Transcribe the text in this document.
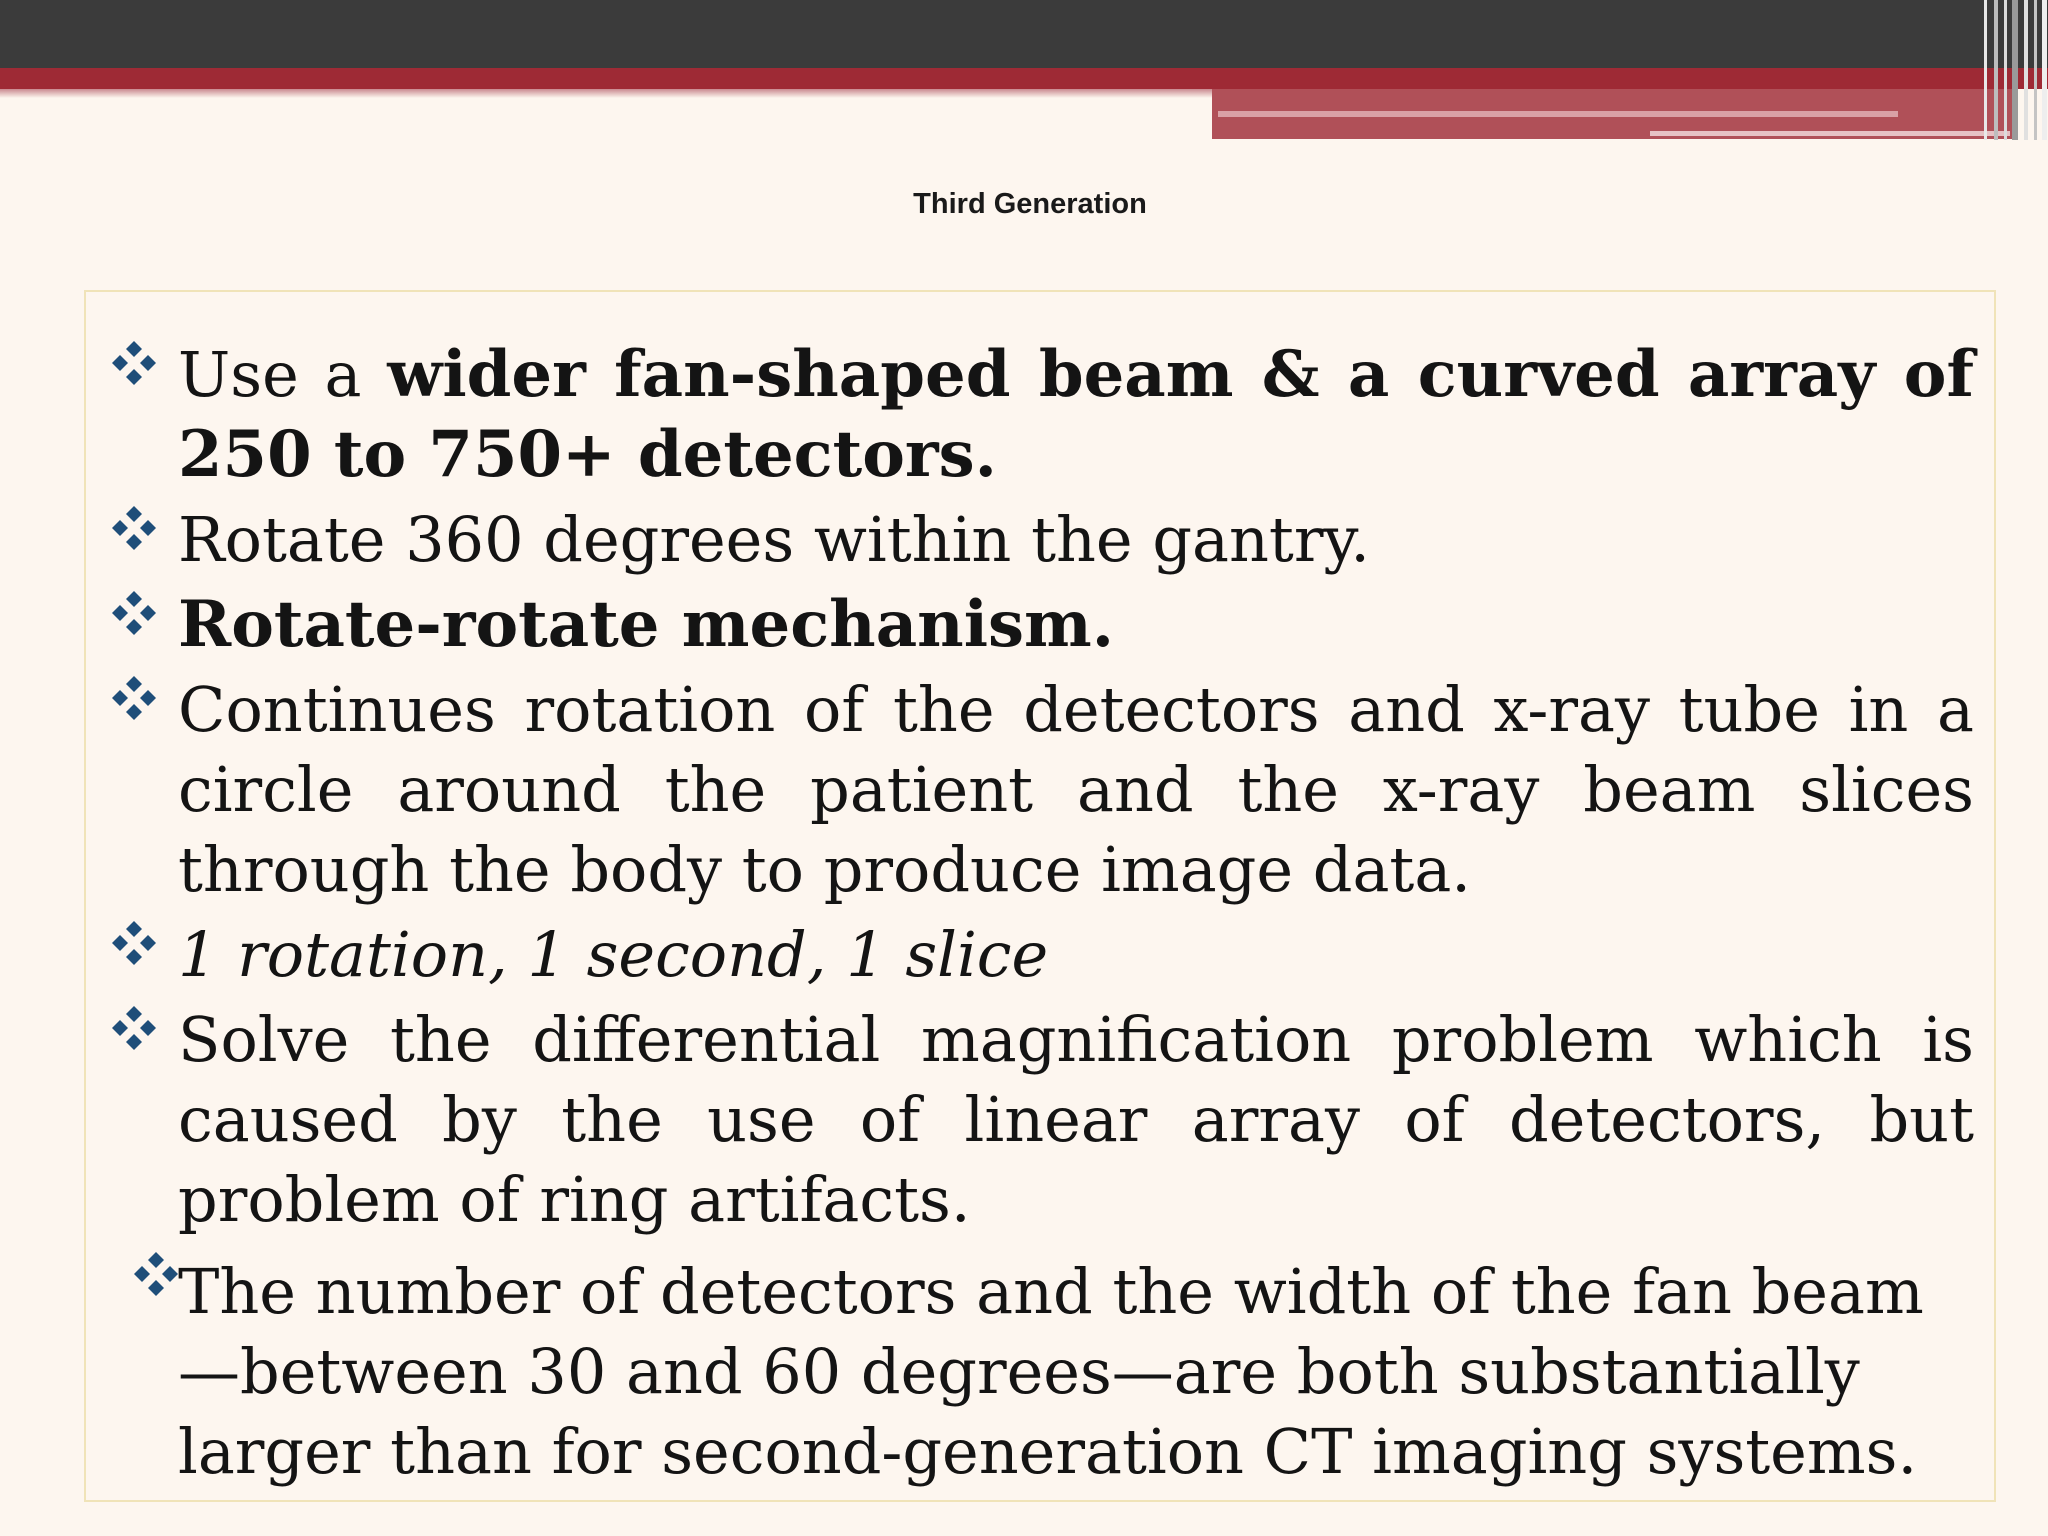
Third Generation
Use a wider fan-shaped beam & a curved array of 250 to 750+ detectors.
Rotate 360 degrees within the gantry.
Rotate-rotate mechanism.
Continues rotation of the detectors and x-ray tube in a circle around the patient and the x-ray beam slices through the body to produce image data.
1 rotation, 1 second, 1 slice
Solve the differential magnification problem which is caused by the use of linear array of detectors, but problem of ring artifacts.
The number of detectors and the width of the fan beam—between 30 and 60 degrees—are both substantially larger than for second-generation CT imaging systems.
